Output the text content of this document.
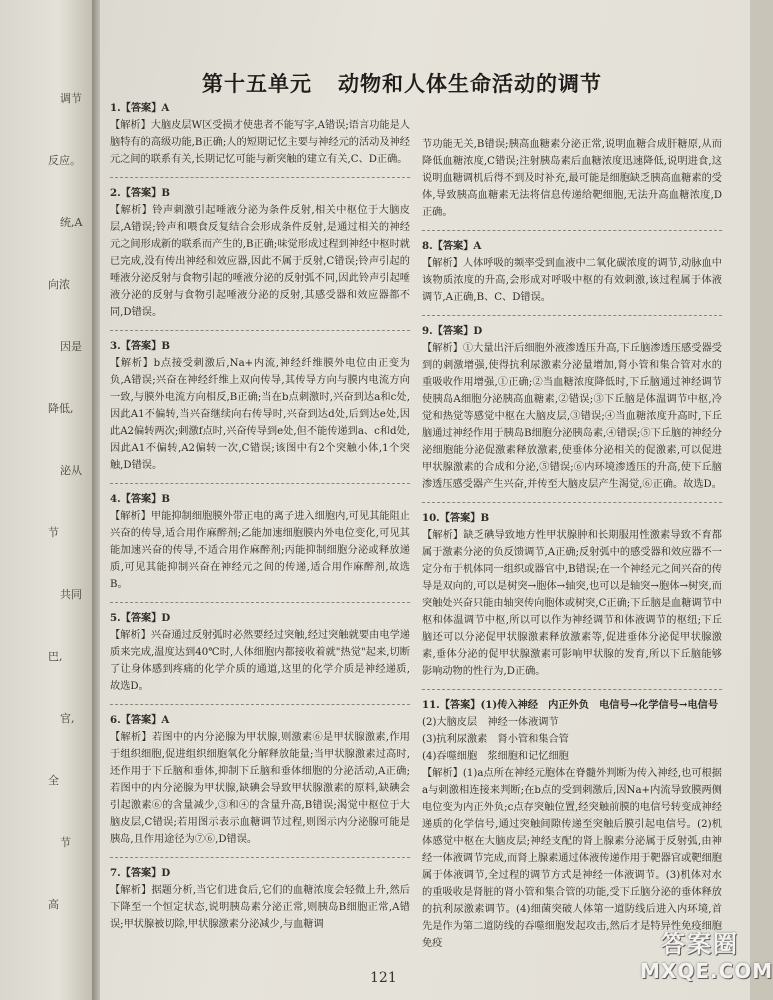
调节
反应。
统,A
向浓
因是
降低,
泌从
节
共同
巴,
官,
全
节
高
第十五单元 动物和人体生命活动的调节

1.【答案】A

【解析】大脑皮层W区受损才使患者不能写字,A错误;语言功能是人脑特有的高级功能,B正确;人的短期记忆主要与神经元的活动及神经元之间的联系有关,长期记忆可能与新突触的建立有关,C、D正确。

2.【答案】B

【解析】铃声刺激引起唾液分泌为条件反射,相关中枢位于大脑皮层,A错误;铃声和喂食反复结合会形成条件反射,是通过相关的神经元之间形成新的联系而产生的,B正确;味觉形成过程到神经中枢时就已完成,没有传出神经和效应器,因此不属于反射,C错误;铃声引起的唾液分泌反射与食物引起的唾液分泌的反射弧不同,因此铃声引起唾液分泌的反射与食物引起唾液分泌的反射,其感受器和效应器都不同,D错误。

3.【答案】B

【解析】b点接受刺激后,Na+内流,神经纤维膜外电位由正变为负,A错误;兴奋在神经纤维上双向传导,其传导方向与膜内电流方向一致,与膜外电流方向相反,B正确;当在b点刺激时,兴奋到达a和c处,因此A1不偏转,当兴奋继续向右传导时,兴奋到达d处,后到达e处,因此A2偏转两次;刺激f点时,兴奋传导到e处,但不能传递到a、c和d处,因此A1不偏转,A2偏转一次,C错误;该图中有2个突触小体,1个突触,D错误。

4.【答案】B

【解析】甲能抑制细胞膜外带正电的离子进入细胞内,可见其能阻止兴奋的传导,适合用作麻醉剂;乙能加速细胞膜内外电位变化,可见其能加速兴奋的传导,不适合用作麻醉剂;丙能抑制细胞分泌或释放递质,可见其能抑制兴奋在神经元之间的传递,适合用作麻醉剂,故选B。

5.【答案】D

【解析】兴奋通过反射弧时必然要经过突触,经过突触就要由电学递质来完成,温度达到40℃时,人体细胞内都接收着就"热觉"起来,切断了让身体感到疼痛的化学介质的通道,这里的化学介质是神经递质,故选D。

6.【答案】A

【解析】若图中的内分泌腺为甲状腺,则激素⑥是甲状腺激素,作用于组织细胞,促进组织细胞氧化分解释放能量;当甲状腺激素过高时,还作用于下丘脑和垂体,抑制下丘脑和垂体细胞的分泌活动,A正确;若图中的内分泌腺为甲状腺,缺碘会导致甲状腺激素的原料,缺碘会引起激素⑥的含量减少,③和④的含量升高,B错误;渴觉中枢位于大脑皮层,C错误;若用图示表示血糖调节过程,则图示内分泌腺可能是胰岛,且作用途径为⑦⑥,D错误。

7.【答案】D

【解析】据题分析,当它们进食后,它们的血糖浓度会轻微上升,然后下降至一个恒定状态,说明胰岛素分泌正常,则胰岛B细胞正常,A错误;甲状腺被切除,甲状腺激素分泌减少,与血糖调

节功能无关,B错误;胰高血糖素分泌正常,说明血糖合成肝糖原,从而降低血糖浓度,C错误;注射胰岛素后血糖浓度迅速降低,说明进食,这说明血糖调机后得不到及时补充,最可能是细胞缺乏胰高血糖素的受体,导致胰高血糖素无法将信息传递给靶细胞,无法升高血糖浓度,D正确。

8.【答案】A

【解析】人体呼吸的频率受到血液中二氧化碳浓度的调节,动脉血中该物质浓度的升高,会形成对呼吸中枢的有效刺激,该过程属于体液调节,A正确,B、C、D错误。

9.【答案】D

【解析】①大量出汗后细胞外液渗透压升高,下丘脑渗透压感受器受到的刺激增强,使得抗利尿激素分泌量增加,肾小管和集合管对水的重吸收作用增强,①正确;②当血糖浓度降低时,下丘脑通过神经调节使胰岛A细胞分泌胰高血糖素,②错误;③下丘脑是体温调节中枢,冷觉和热觉等感觉中枢在大脑皮层,③错误;④当血糖浓度升高时,下丘脑通过神经作用于胰岛B细胞分泌胰岛素,④错误;⑤下丘脑的神经分泌细胞能分泌促激素释放激素,使垂体分泌相关的促激素,可以促进甲状腺激素的合成和分泌,⑤错误;⑥内环境渗透压的升高,使下丘脑渗透压感受器产生兴奋,并传至大脑皮层产生渴觉,⑥正确。故选D。

10.【答案】B

【解析】缺乏碘导致地方性甲状腺肿和长期服用性激素导致不育都属于激素分泌的负反馈调节,A正确;反射弧中的感受器和效应器不一定分布于机体同一组织或器官中,B错误;在一个神经元之间兴奋的传导是双向的,可以是树突→胞体→轴突,也可以是轴突→胞体→树突,而突触处兴奋只能由轴突传向胞体或树突,C正确;下丘脑是血糖调节中枢和体温调节中枢,所以可以作为神经调节和体液调节的枢纽;下丘脑还可以分泌促甲状腺激素释放激素等,促进垂体分泌促甲状腺激素,垂体分泌的促甲状腺激素可影响甲状腺的发育,所以下丘脑能够影响动物的性行为,D正确。

11.【答案】(1)传入神经　内正外负　电信号→化学信号→电信号

(2)大脑皮层　神经一体液调节

(3)抗利尿激素　肾小管和集合管

(4)吞噬细胞　浆细胞和记忆细胞

【解析】(1)a点所在神经元胞体在脊髓外判断为传入神经,也可根据a与刺激相连接来判断;在b点的受到刺激后,因Na+内流导致膜两侧电位变为内正外负;c点存突触位置,经突触前膜的电信号转变成神经递质的化学信号,通过突触间隙传递至突触后膜引起电信号。(2)机体感觉中枢在大脑皮层;神经支配的肾上腺素分泌属于反射弧,由神经一体液调节完成,而肾上腺素通过体液传递作用于靶器官或靶细胞属于体液调节,全过程的调节方式是神经一体液调节。(3)机体对水的重吸收是肾脏的肾小管和集合管的功能,受下丘脑分泌的垂体释放的抗利尿激素调节。(4)细菌突破人体第一道防线后进入内环境,首先是作为第二道防线的吞噬细胞发起攻击,然后才是特异性免疫细胞免疫

121
答案圈
MXQE.COM
